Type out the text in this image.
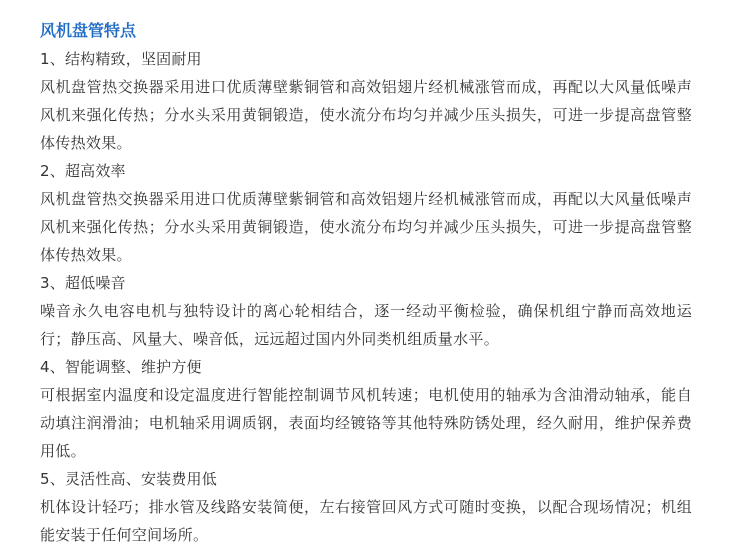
风机盘管特点

1、结构精致，坚固耐用

风机盘管热交换器采用进口优质薄壁紫铜管和高效铝翅片经机械涨管而成，再配以大风量低噪声风机来强化传热；分水头采用黄铜锻造，使水流分布均匀并减少压头损失，可进一步提高盘管整体传热效果。

2、超高效率

风机盘管热交换器采用进口优质薄壁紫铜管和高效铝翅片经机械涨管而成，再配以大风量低噪声风机来强化传热；分水头采用黄铜锻造，使水流分布均匀并减少压头损失，可进一步提高盘管整体传热效果。

3、超低噪音

噪音永久电容电机与独特设计的离心轮相结合，逐一经动平衡检验，确保机组宁静而高效地运行；静压高、风量大、噪音低，远远超过国内外同类机组质量水平。

4、智能调整、维护方便

可根据室内温度和设定温度进行智能控制调节风机转速；电机使用的轴承为含油滑动轴承，能自动填注润滑油；电机轴采用调质钢，表面均经镀铬等其他特殊防锈处理，经久耐用，维护保养费用低。

5、灵活性高、安装费用低

机体设计轻巧；排水管及线路安装简便，左右接管回风方式可随时变换，以配合现场情况；机组能安装于任何空间场所。
